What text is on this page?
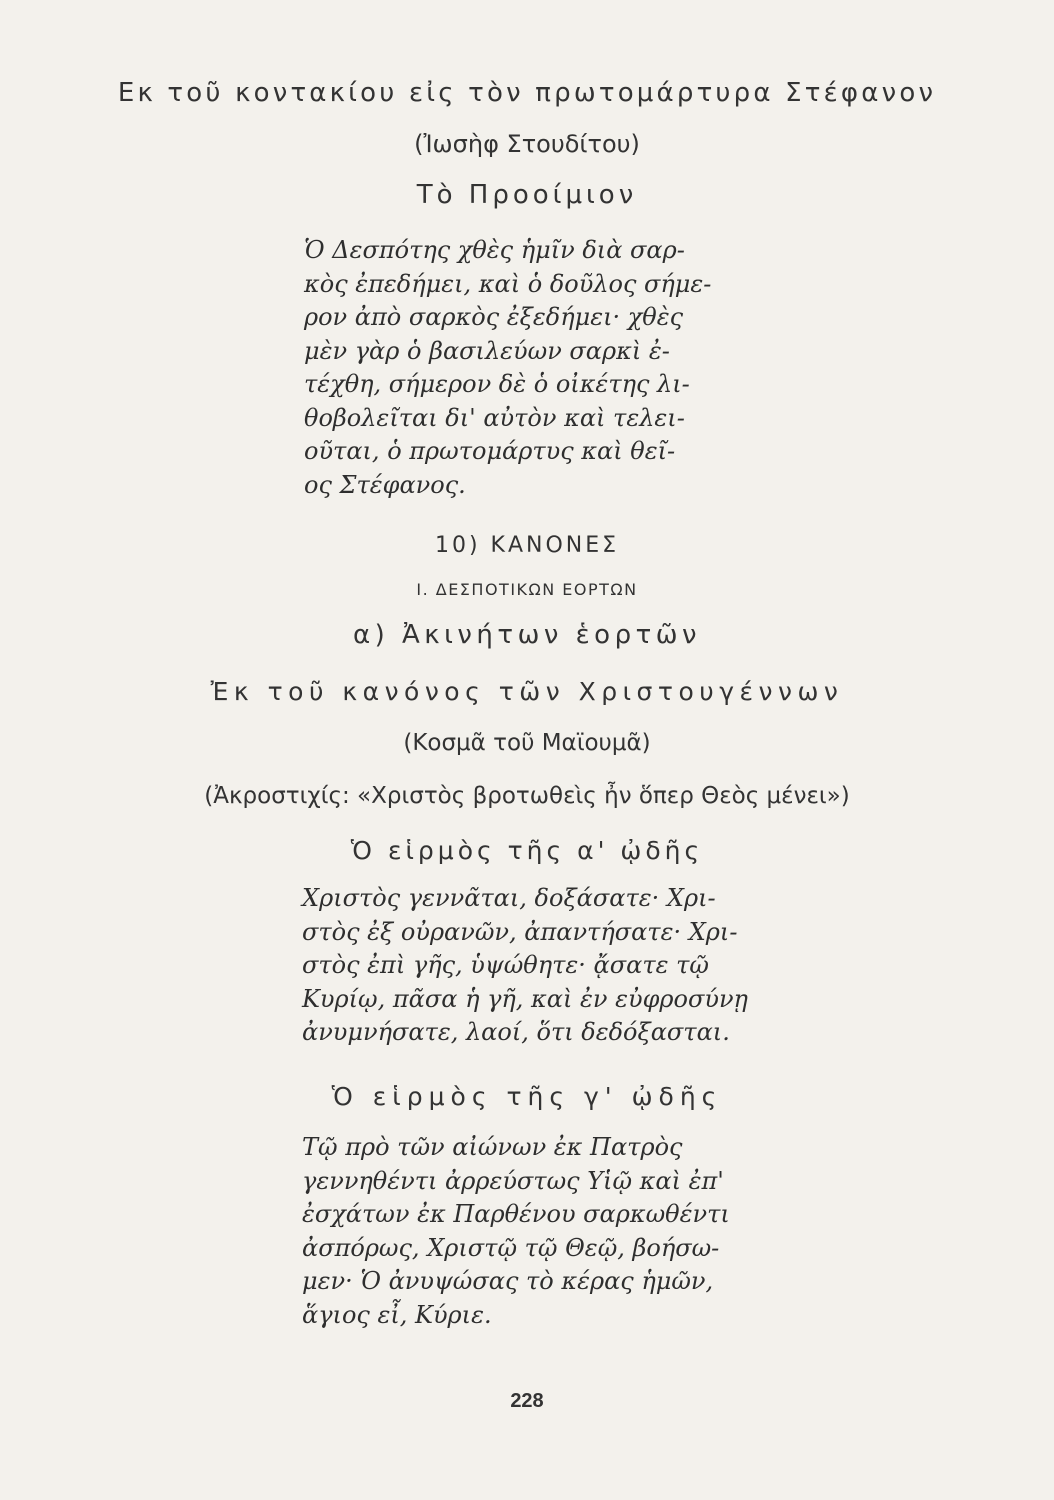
Εκ τοῦ κοντακίου εἰς τὸν πρωτομάρτυρα Στέφανον
(Ἰωσὴφ Στουδίτου)
Τὸ Προοίμιον
Ὁ Δεσπότης χθὲς ἡμῖν διὰ σαρ-
κὸς ἐπεδήμει, καὶ ὁ δοῦλος σήμε-
ρον ἀπὸ σαρκὸς ἐξεδήμει· χθὲς
μὲν γὰρ ὁ βασιλεύων σαρκὶ ἐ-
τέχθη, σήμερον δὲ ὁ οἰκέτης λι-
θοβολεῖται δι' αὐτὸν καὶ τελει-
οῦται, ὁ πρωτομάρτυς καὶ θεῖ-
ος Στέφανος.
10) ΚΑΝΟΝΕΣ
Ι. ΔΕΣΠΟΤΙΚΩΝ ΕΟΡΤΩΝ
α) Ἀκινήτων ἑορτῶν
Ἐκ τοῦ κανόνος τῶν Χριστουγέννων
(Κοσμᾶ τοῦ Μαϊουμᾶ)
(Ἀκροστιχίς: «Χριστὸς βροτωθεὶς ἦν ὅπερ Θεὸς μένει»)
Ὁ εἱρμὸς τῆς α' ᾠδῆς
Χριστὸς γεννᾶται, δοξάσατε· Χρι-
στὸς ἐξ οὐρανῶν, ἀπαντήσατε· Χρι-
στὸς ἐπὶ γῆς, ὑψώθητε· ᾄσατε τῷ
Κυρίῳ, πᾶσα ἡ γῆ, καὶ ἐν εὐφροσύνῃ
ἀνυμνήσατε, λαοί, ὅτι δεδόξασται.
Ὁ εἱρμὸς τῆς γ' ᾠδῆς
Τῷ πρὸ τῶν αἰώνων ἐκ Πατρὸς
γεννηθέντι ἀρρεύστως Υἱῷ καὶ ἐπ'
ἐσχάτων ἐκ Παρθένου σαρκωθέντι
ἀσπόρως, Χριστῷ τῷ Θεῷ, βοήσω-
μεν· Ὁ ἀνυψώσας τὸ κέρας ἡμῶν,
ἅγιος εἶ, Κύριε.
228
